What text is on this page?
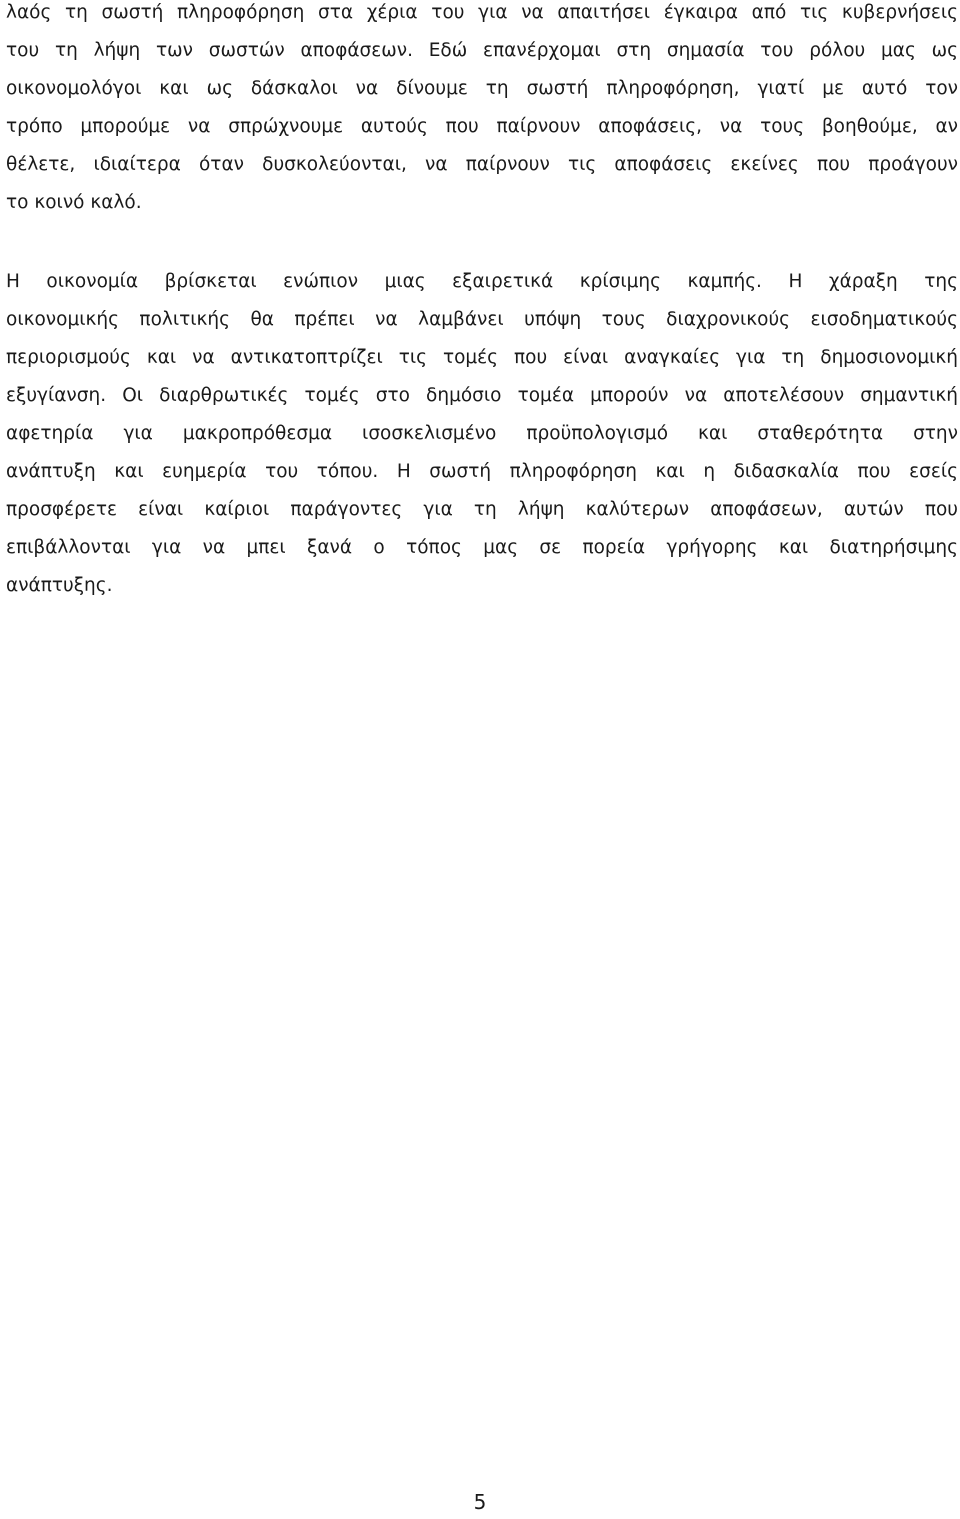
λαός τη σωστή πληροφόρηση στα χέρια του για να απαιτήσει έγκαιρα από τις κυβερνήσεις
του τη λήψη των σωστών αποφάσεων. Εδώ επανέρχομαι στη σημασία του ρόλου μας ως
οικονομολόγοι και ως δάσκαλοι να δίνουμε τη σωστή πληροφόρηση, γιατί με αυτό τον
τρόπο μπορούμε να σπρώχνουμε αυτούς που παίρνουν αποφάσεις, να τους βοηθούμε, αν
θέλετε, ιδιαίτερα όταν δυσκολεύονται, να παίρνουν τις αποφάσεις εκείνες που προάγουν
το κοινό καλό.
Η οικονομία βρίσκεται ενώπιον μιας εξαιρετικά κρίσιμης καμπής. Η χάραξη της
οικονομικής πολιτικής θα πρέπει να λαμβάνει υπόψη τους διαχρονικούς εισοδηματικούς
περιορισμούς και να αντικατοπτρίζει τις τομές που είναι αναγκαίες για τη δημοσιονομική
εξυγίανση. Οι διαρθρωτικές τομές στο δημόσιο τομέα μπορούν να αποτελέσουν σημαντική
αφετηρία για μακροπρόθεσμα ισοσκελισμένο προϋπολογισμό και σταθερότητα στην
ανάπτυξη και ευημερία του τόπου. Η σωστή πληροφόρηση και η διδασκαλία που εσείς
προσφέρετε είναι καίριοι παράγοντες για τη λήψη καλύτερων αποφάσεων, αυτών που
επιβάλλονται για να μπει ξανά ο τόπος μας σε πορεία γρήγορης και διατηρήσιμης
ανάπτυξης.
5
